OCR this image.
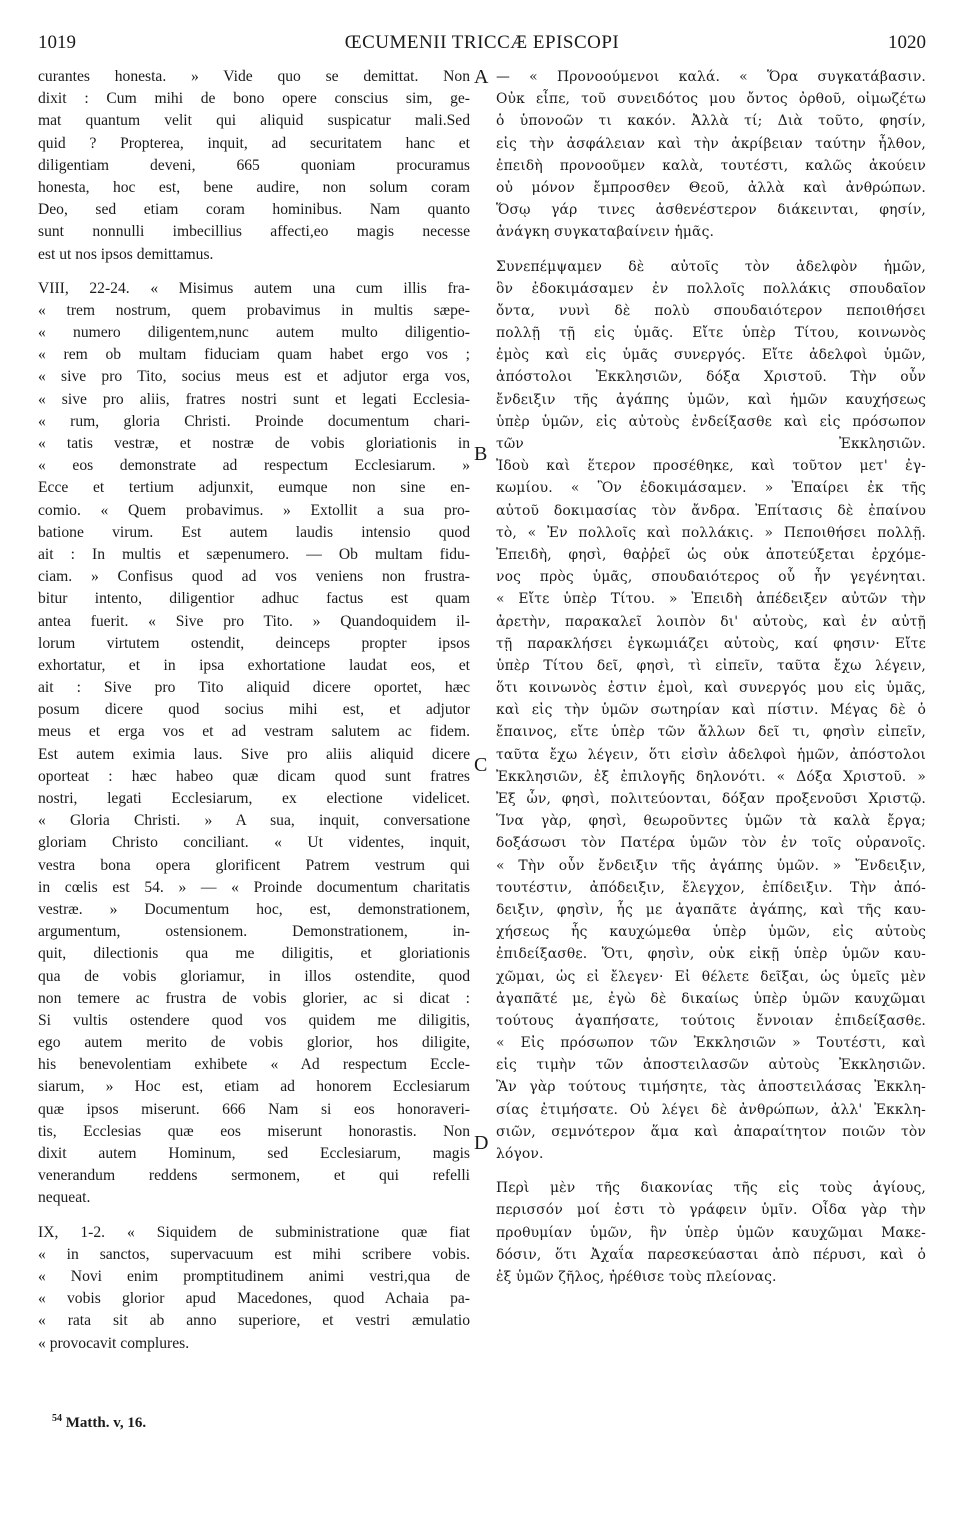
1019	ŒCUMENII TRICCÆ EPISCOPI	1020
curantes honesta. » Vide quo se demittat. Non
dixit : Cum mihi de bono opere conscius sim, ge-
mat quantum velit qui aliquid suspicatur mali.Sed
quid ? Propterea, inquit, ad securitatem hanc et
diligentiam deveni, 665 quoniam procuramus
honesta, hoc est, bene audire, non solum coram
Deo, sed etiam coram hominibus. Nam quanto
sunt nonnulli imbecillius affecti,eo magis necesse
est ut nos ipsos demittamus.
VIII, 22-24. « Misimus autem una cum illis fra-
« trem nostrum, quem probavimus in multis sæpe-
« numero diligentem,nunc autem multo diligentio-
« rem ob multam fiduciam quam habet ergo vos ;
« sive pro Tito, socius meus est et adjutor erga vos,
« sive pro aliis, fratres nostri sunt et legati Ecclesia-
« rum, gloria Christi. Proinde documentum chari-
« tatis vestræ, et nostræ de vobis gloriationis in
« eos demonstrate ad respectum Ecclesiarum. »
Ecce et tertium adjunxit, eumque non sine en-
comio. « Quem probavimus. » Extollit a sua pro-
batione virum. Est autem laudis intensio quod
ait : In multis et sæpenumero. — Ob multam fidu-
ciam. » Confisus quod ad vos veniens non frustra-
bitur intento, diligentior adhuc factus est quam
antea fuerit. « Sive pro Tito. » Quandoquidem il-
lorum virtutem ostendit, deinceps propter ipsos
exhortatur, et in ipsa exhortatione laudat eos, et
ait : Sive pro Tito aliquid dicere oportet, hæc
posum dicere quod socius mihi est, et adjutor
meus et erga vos et ad vestram salutem ac fidem.
Est autem eximia laus. Sive pro aliis aliquid dicere
oporteat : hæc habeo quæ dicam quod sunt fratres
nostri, legati Ecclesiarum, ex electione videlicet.
« Gloria Christi. » A sua, inquit, conversatione
gloriam Christo conciliant. « Ut videntes, inquit,
vestra bona opera glorificent Patrem vestrum qui
in cœlis est 54. » — « Proinde documentum charitatis
vestræ. » Documentum hoc, est, demonstrationem,
argumentum, ostensionem. Demonstrationem, in-
quit, dilectionis qua me diligitis, et gloriationis
qua de vobis gloriamur, in illos ostendite, quod
non temere ac frustra de vobis glorier, ac si dicat :
Si vultis ostendere quod vos quidem me diligitis,
ego autem merito de vobis glorior, hos diligite,
his benevolentiam exhibete « Ad respectum Eccle-
siarum, » Hoc est, etiam ad honorem Ecclesiarum
quæ ipsos miserunt. 666 Nam si eos honoraveri-
tis, Ecclesias quæ eos miserunt honorastis. Non
dixit autem Hominum, sed Ecclesiarum, magis
venerandum reddens sermonem, et qui refelli
nequeat.
IX, 1-2. « Siquidem de subministratione quæ fiat
« in sanctos, supervacuum est mihi scribere vobis.
« Novi enim promptitudinem animi vestri,qua de
« vobis glorior apud Macedones, quod Achaia pa-
« rata sit ab anno superiore, et vestri æmulatio
« provocavit complures.
— « Προνοούμενοι καλά. « Ὅρα συγκατάβασιν.
Οὐκ εἶπε, τοῦ συνειδότος μου ὄντος ὀρθοῦ, οἰμωζέτω
ὁ ὑπονοῶν τι κακόν. Ἀλλὰ τί; Διὰ τοῦτο, φησίν,
εἰς τὴν ἀσφάλειαν καὶ τὴν ἀκρίβειαν ταύτην ἦλθον,
ἐπειδὴ προνοοῦμεν καλὰ, τουτέστι, καλῶς ἀκούειν
οὐ μόνον ἔμπροσθεν Θεοῦ, ἀλλὰ καὶ ἀνθρώπων.
Ὅσῳ γάρ τινες ἀσθενέστερον διάκεινται, φησίν,
ἀνάγκη συγκαταβαίνειν ἡμᾶς.
Συνεπέμψαμεν δὲ αὐτοῖς τὸν ἀδελφὸν ἡμῶν,
ὃν ἐδοκιμάσαμεν ἐν πολλοῖς πολλάκις σπουδαῖον
ὄντα, νυνὶ δὲ πολὺ σπουδαιότερον πεποιθήσει
πολλῇ τῇ εἰς ὑμᾶς. Εἴτε ὑπὲρ Τίτου, κοινωνὸς
ἐμὸς καὶ εἰς ὑμᾶς συνεργός. Εἴτε ἀδελφοὶ ὑμῶν,
ἀπόστολοι Ἐκκλησιῶν, δόξα Χριστοῦ. Τὴν οὖν
ἔνδειξιν τῆς ἀγάπης ὑμῶν, καὶ ἡμῶν καυχήσεως
ὑπὲρ ὑμῶν, εἰς αὐτοὺς ἐνδείξασθε καὶ εἰς πρόσωπον
τῶν Ἐκκλησιῶν.
Ἰδοὺ καὶ ἕτερον προσέθηκε, καὶ τοῦτον μετ' ἐγ-
κωμίου. « Ὃν ἐδοκιμάσαμεν. » Ἐπαίρει ἐκ τῆς
αὐτοῦ δοκιμασίας τὸν ἄνδρα. Ἐπίτασις δὲ ἐπαίνου
τὸ, « Ἐν πολλοῖς καὶ πολλάκις. » Πεποιθήσει πολλῇ.
Ἐπειδὴ, φησὶ, θαῤῥεῖ ὡς οὐκ ἀποτεύξεται ἐρχόμε-
νος πρὸς ὑμᾶς, σπουδαιότερος οὗ ἦν γεγένηται.
« Εἴτε ὑπὲρ Τίτου. » Ἐπειδὴ ἀπέδειξεν αὐτῶν τὴν
ἀρετὴν, παρακαλεῖ λοιπὸν δι' αὐτοὺς, καὶ ἐν αὐτῇ
τῇ παρακλήσει ἐγκωμιάζει αὐτοὺς, καί φησιν· Εἴτε
ὑπὲρ Τίτου δεῖ, φησὶ, τὶ εἰπεῖν, ταῦτα ἔχω λέγειν,
ὅτι κοινωνὸς ἐστιν ἐμοὶ, καὶ συνεργός μου εἰς ὑμᾶς,
καὶ εἰς τὴν ὑμῶν σωτηρίαν καὶ πίστιν. Μέγας δὲ ὁ
ἔπαινος, εἴτε ὑπὲρ τῶν ἄλλων δεῖ τι, φησὶν εἰπεῖν,
ταῦτα ἔχω λέγειν, ὅτι εἰσὶν ἀδελφοὶ ἡμῶν, ἀπόστολοι
Ἐκκλησιῶν, ἐξ ἐπιλογῆς δηλονότι. « Δόξα Χριστοῦ. »
Ἐξ ὧν, φησὶ, πολιτεύονται, δόξαν προξενοῦσι Χριστῷ.
Ἵνα γὰρ, φησὶ, θεωροῦντες ὑμῶν τὰ καλὰ ἔργα;
δοξάσωσι τὸν Πατέρα ὑμῶν τὸν ἐν τοῖς οὐρανοῖς.
« Τὴν οὖν ἔνδειξιν τῆς ἀγάπης ὑμῶν. » Ἔνδειξιν,
τουτέστιν, ἀπόδειξιν, ἔλεγχον, ἐπίδειξιν. Τὴν ἀπό-
δειξιν, φησὶν, ἧς με ἀγαπᾶτε ἀγάπης, καὶ τῆς καυ-
χήσεως ἧς καυχώμεθα ὑπὲρ ὑμῶν, εἰς αὐτοὺς
ἐπιδείξασθε. Ὅτι, φησὶν, οὐκ εἰκῇ ὑπὲρ ὑμῶν καυ-
χῶμαι, ὡς εἰ ἔλεγεν· Εἰ θέλετε δεῖξαι, ὡς ὑμεῖς μὲν
ἀγαπᾶτέ με, ἐγὼ δὲ δικαίως ὑπὲρ ὑμῶν καυχῶμαι
τούτους ἀγαπήσατε, τούτοις ἔννοιαν ἐπιδείξασθε.
« Εἰς πρόσωπον τῶν Ἐκκλησιῶν » Τουτέστι, καὶ
εἰς τιμὴν τῶν ἀποστειλασῶν αὐτοὺς Ἐκκλησιῶν.
Ἂν γὰρ τούτους τιμήσητε, τὰς ἀποστειλάσας Ἐκκλη-
σίας ἐτιμήσατε. Οὐ λέγει δὲ ἀνθρώπων, ἀλλ' Ἐκκλη-
σιῶν, σεμνότερον ἅμα καὶ ἀπαραίτητον ποιῶν τὸν
λόγον.
Περὶ μὲν τῆς διακονίας τῆς εἰς τοὺς ἁγίους,
περισσόν μοί ἐστι τὸ γράφειν ὑμῖν. Οἶδα γὰρ τὴν
προθυμίαν ὑμῶν, ἣν ὑπὲρ ὑμῶν καυχῶμαι Μακε-
δόσιν, ὅτι Ἀχαΐα παρεσκεύασται ἀπὸ πέρυσι, καὶ ὁ
ἐξ ὑμῶν ζῆλος, ἠρέθισε τοὺς πλείονας.
A
B
C
D
$^{54}$ Matth. v, 16.
